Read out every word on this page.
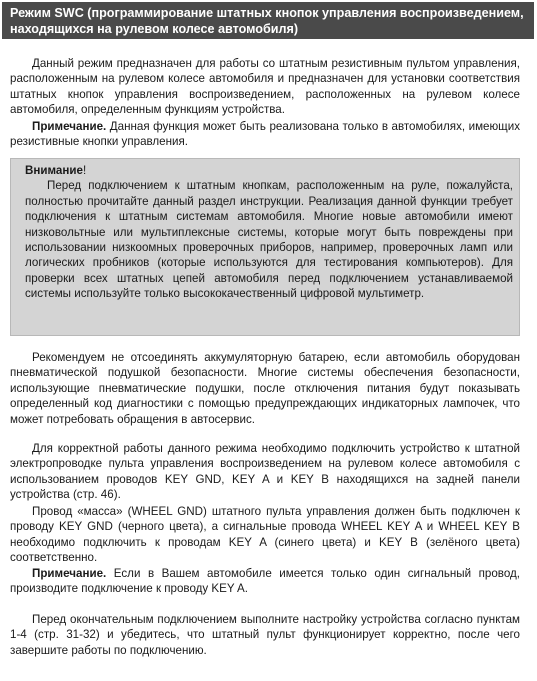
Режим SWC (программирование штатных кнопок управления воспроизведением, находящихся на рулевом колесе автомобиля)
Данный режим предназначен для работы со штатным резистивным пультом управления, расположенным на рулевом колесе автомобиля и предназначен для установки соответствия штатных кнопок управления воспроизведением, расположенных на рулевом колесе автомобиля, определенным функциям устройства.
Примечание. Данная функция может быть реализована только в автомобилях, имеющих резистивные кнопки управления.
Внимание!
Перед подключением к штатным кнопкам, расположенным на руле, пожалуйста, полностью прочитайте данный раздел инструкции. Реализация данной функции требует подключения к штатным системам автомобиля. Многие новые автомобили имеют низковольтные или мультиплексные системы, которые могут быть повреждены при использовании низкоомных проверочных приборов, например, проверочных ламп или логических пробников (которые используются для тестирования компьютеров). Для проверки всех штатных цепей автомобиля перед подключением устанавливаемой системы используйте только высококачественный цифровой мультиметр.
Рекомендуем не отсоединять аккумуляторную батарею, если автомобиль оборудован пневматической подушкой безопасности. Многие системы обеспечения безопасности, использующие пневматические подушки, после отключения питания будут показывать определенный код диагностики с помощью предупреждающих индикаторных лампочек, что может потребовать обращения в автосервис.
Для корректной работы данного режима необходимо подключить устройство к штатной электропроводке пульта управления воспроизведением на рулевом колесе автомобиля с использованием проводов KEY GND, KEY A и KEY B находящихся на задней панели устройства (стр. 46).
Провод «масса» (WHEEL GND) штатного пульта управления должен быть подключен к проводу KEY GND (черного цвета), а сигнальные провода WHEEL KEY A и WHEEL KEY B необходимо подключить к проводам KEY A (синего цвета) и KEY B (зелёного цвета) соответственно.
Примечание. Если в Вашем автомобиле имеется только один сигнальный провод, производите подключение к проводу KEY A.
Перед окончательным подключением выполните настройку устройства согласно пунктам 1-4 (стр. 31-32) и убедитесь, что штатный пульт функционирует корректно, после чего завершите работы по подключению.
